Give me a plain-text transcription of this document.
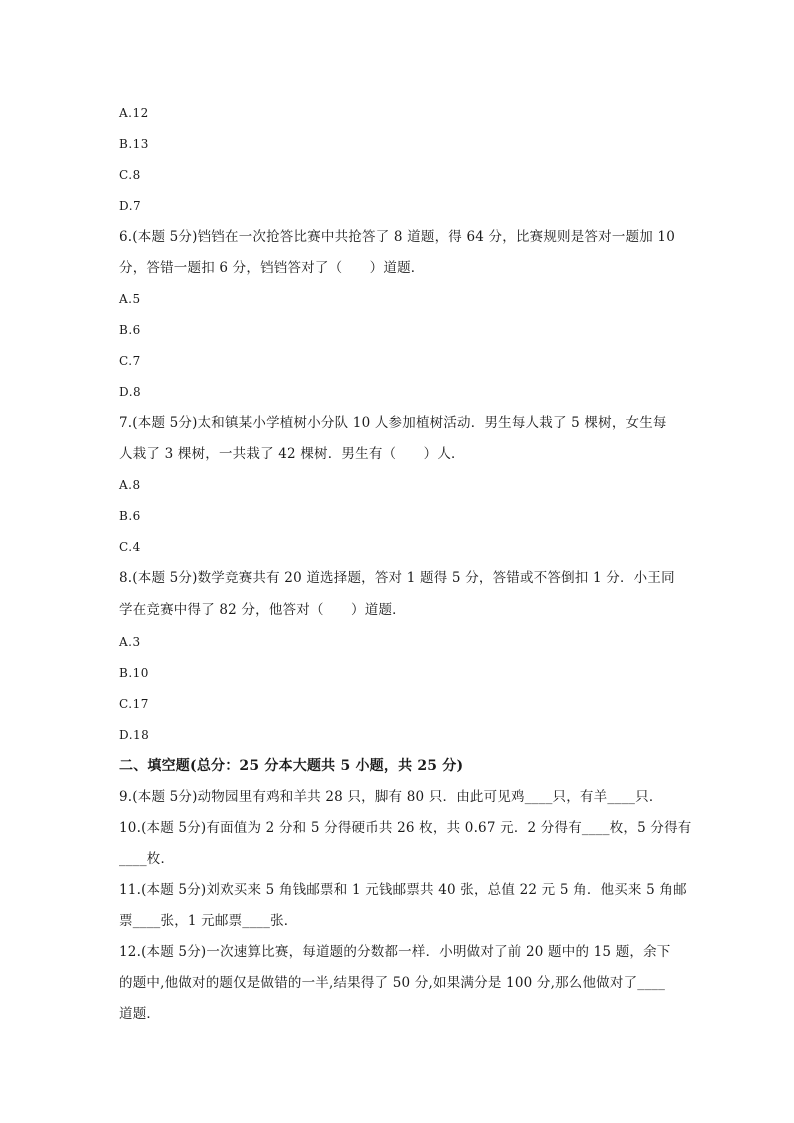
A.12
B.13
C.8
D.7
6.(本题 5分)铛铛在一次抢答比赛中共抢答了 8 道题，得 64 分，比赛规则是答对一题加 10
分，答错一题扣 6 分，铛铛答对了（　　）道题．
A.5
B.6
C.7
D.8
7.(本题 5分)太和镇某小学植树小分队 10 人参加植树活动．男生每人栽了 5 棵树，女生每
人栽了 3 棵树，一共栽了 42 棵树．男生有（　　）人．
A.8
B.6
C.4
8.(本题 5分)数学竞赛共有 20 道选择题，答对 1 题得 5 分，答错或不答倒扣 1 分．小王同
学在竞赛中得了 82 分，他答对（　　）道题．
A.3
B.10
C.17
D.18
二、填空题(总分：25 分本大题共 5 小题，共 25 分)
9.(本题 5分)动物园里有鸡和羊共 28 只，脚有 80 只．由此可见鸡____只，有羊____只．
10.(本题 5分)有面值为 2 分和 5 分得硬币共 26 枚，共 0.67 元．2 分得有____枚，5 分得有
____枚．
11.(本题 5分)刘欢买来 5 角钱邮票和 1 元钱邮票共 40 张，总值 22 元 5 角．他买来 5 角邮
票____张，1 元邮票____张．
12.(本题 5分)一次速算比赛，每道题的分数都一样．小明做对了前 20 题中的 15 题，余下
的题中,他做对的题仅是做错的一半,结果得了 50 分,如果满分是 100 分,那么他做对了____
道题．
